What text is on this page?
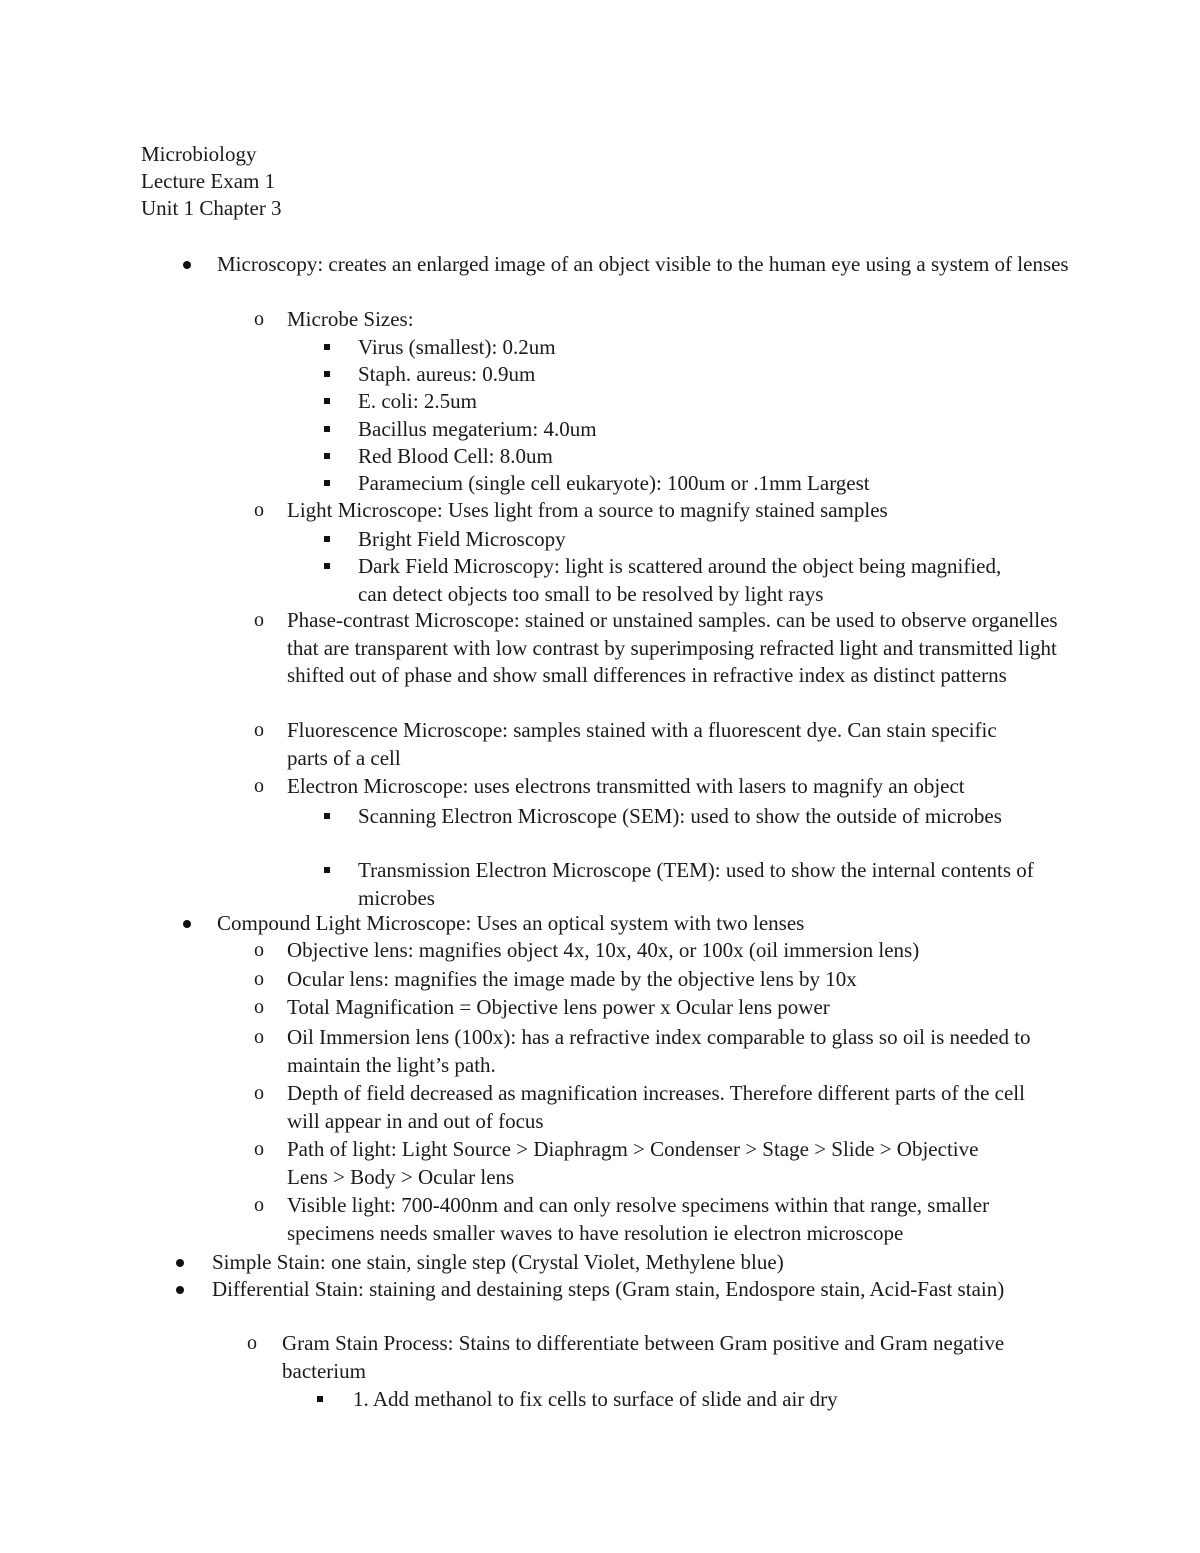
Microbiology
Lecture Exam 1
Unit 1 Chapter 3
Microscopy: creates an enlarged image of an object visible to the human eye using a system of lenses
o Microbe Sizes:
Virus (smallest): 0.2um
Staph. aureus: 0.9um
E. coli: 2.5um
Bacillus megaterium: 4.0um
Red Blood Cell: 8.0um
Paramecium (single cell eukaryote): 100um or .1mm Largest
o Light Microscope: Uses light from a source to magnify stained samples
Bright Field Microscopy
Dark Field Microscopy: light is scattered around the object being magnified, can detect objects too small to be resolved by light rays
o Phase-contrast Microscope: stained or unstained samples. can be used to observe organelles that are transparent with low contrast by superimposing refracted light and transmitted light shifted out of phase and show small differences in refractive index as distinct patterns
o Fluorescence Microscope: samples stained with a fluorescent dye. Can stain specific parts of a cell
o Electron Microscope: uses electrons transmitted with lasers to magnify an object
Scanning Electron Microscope (SEM): used to show the outside of microbes
Transmission Electron Microscope (TEM): used to show the internal contents of microbes
Compound Light Microscope: Uses an optical system with two lenses
o Objective lens: magnifies object 4x, 10x, 40x, or 100x (oil immersion lens)
o Ocular lens: magnifies the image made by the objective lens by 10x
o Total Magnification = Objective lens power x Ocular lens power
o Oil Immersion lens (100x): has a refractive index comparable to glass so oil is needed to maintain the light’s path.
o Depth of field decreased as magnification increases. Therefore different parts of the cell will appear in and out of focus
o Path of light: Light Source > Diaphragm > Condenser > Stage > Slide > Objective Lens > Body > Ocular lens
o Visible light: 700-400nm and can only resolve specimens within that range, smaller specimens needs smaller waves to have resolution ie electron microscope
Simple Stain: one stain, single step (Crystal Violet, Methylene blue)
Differential Stain: staining and destaining steps (Gram stain, Endospore stain, Acid-Fast stain)
o Gram Stain Process: Stains to differentiate between Gram positive and Gram negative bacterium
1. Add methanol to fix cells to surface of slide and air dry
